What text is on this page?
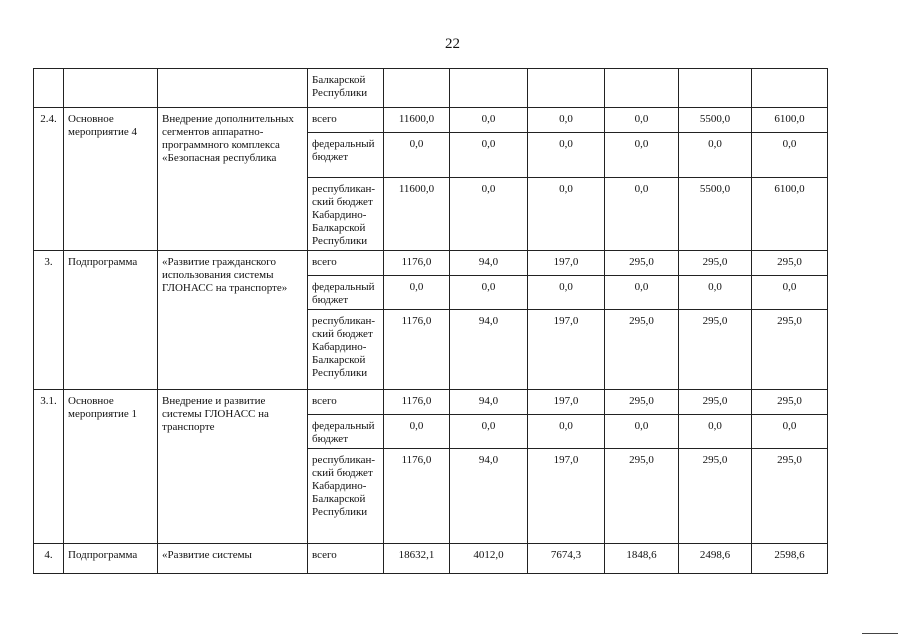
22
			Балкарской Республики						
2.4.	Основное мероприятие 4	Внедрение дополнительных сегментов аппаратно-программного комплекса «Безопасная республика	всего	11600,0	0,0	0,0	0,0	5500,0	6100,0
			федеральный бюджет	0,0	0,0	0,0	0,0	0,0	0,0
			республикан-ский бюджет Кабардино-Балкарской Республики	11600,0	0,0	0,0	0,0	5500,0	6100,0
3.	Подпрограмма	«Развитие гражданского использования системы ГЛОНАСС на транспорте»	всего	1176,0	94,0	197,0	295,0	295,0	295,0
			федеральный бюджет	0,0	0,0	0,0	0,0	0,0	0,0
			республикан-ский бюджет Кабардино-Балкарской Республики	1176,0	94,0	197,0	295,0	295,0	295,0
3.1.	Основное мероприятие 1	Внедрение и развитие системы ГЛОНАСС на транспорте	всего	1176,0	94,0	197,0	295,0	295,0	295,0
			федеральный бюджет	0,0	0,0	0,0	0,0	0,0	0,0
			республикан-ский бюджет Кабардино-Балкарской Республики	1176,0	94,0	197,0	295,0	295,0	295,0
4.	Подпрограмма	«Развитие системы	всего	18632,1	4012,0	7674,3	1848,6	2498,6	2598,6
